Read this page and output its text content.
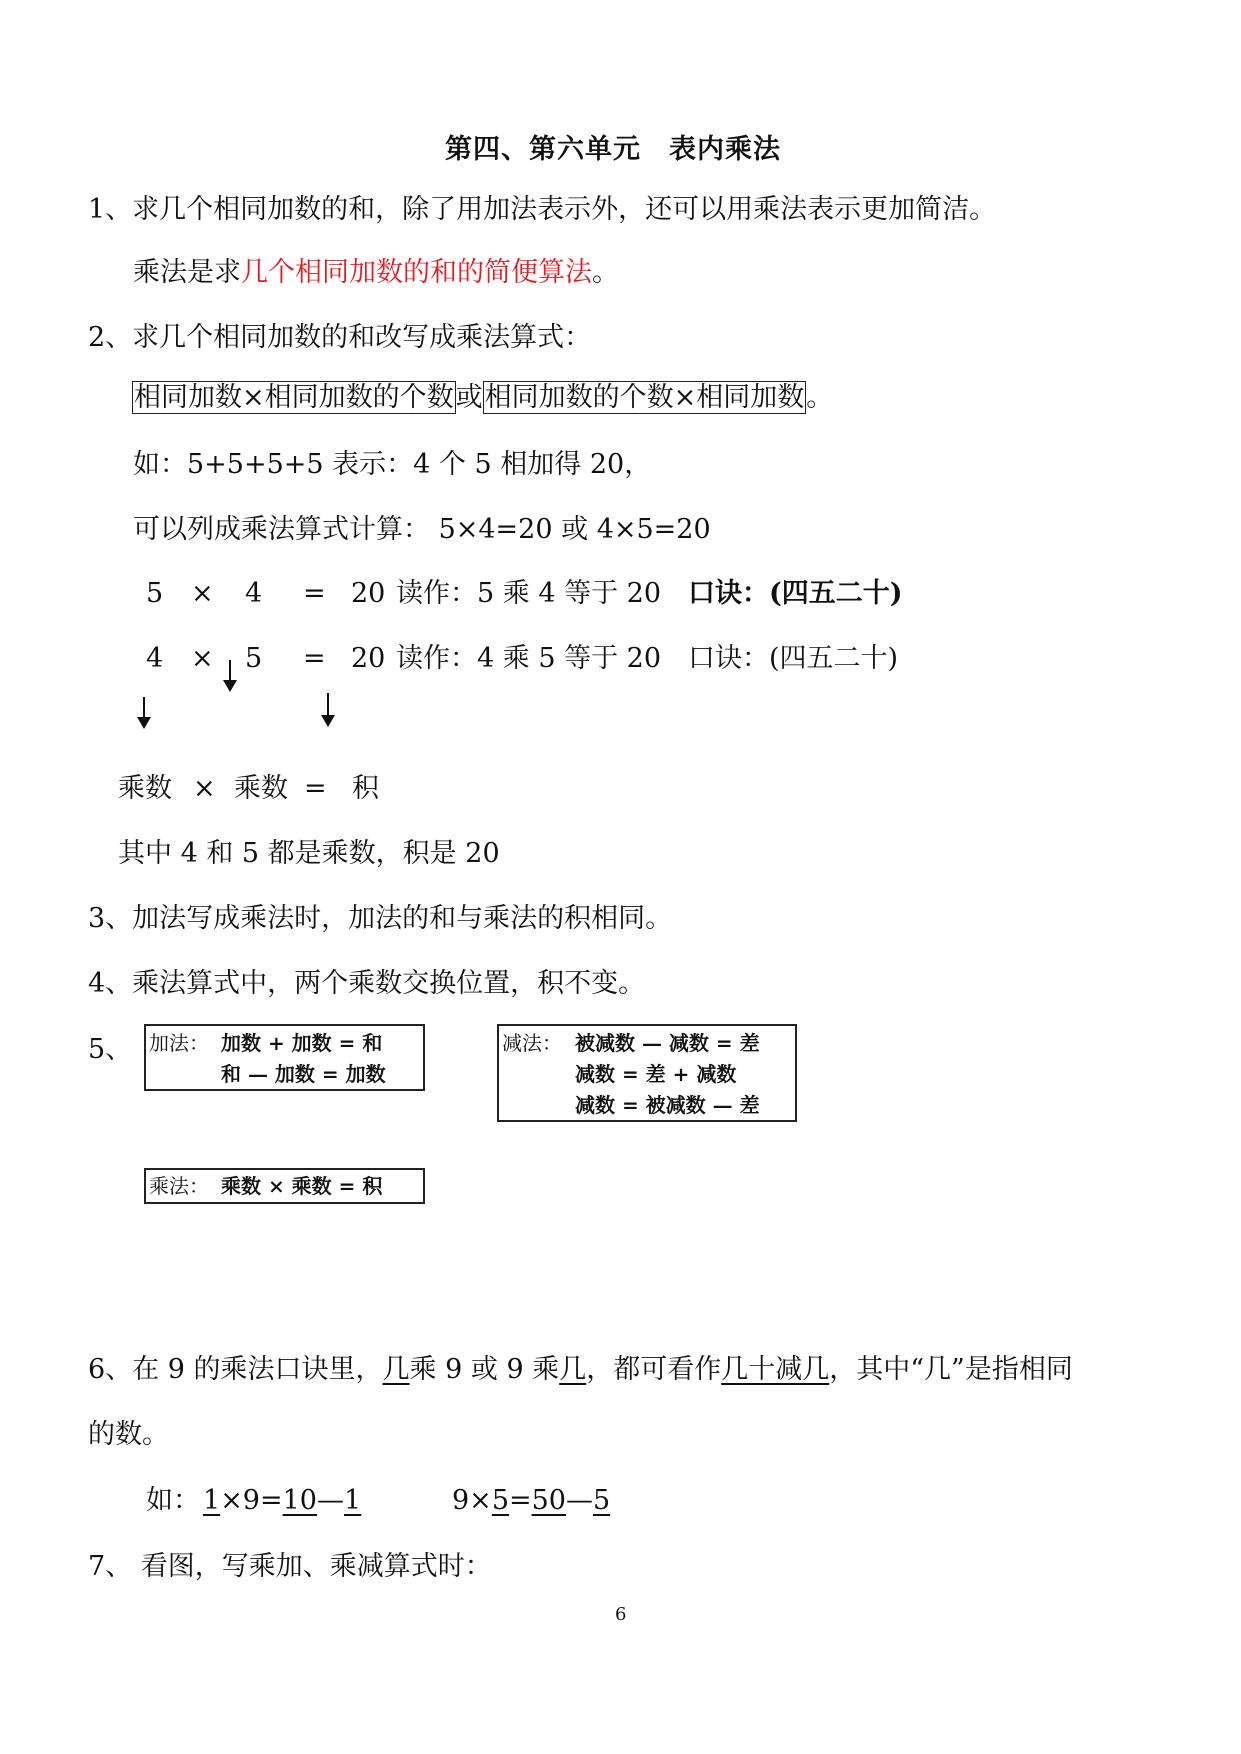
第四、第六单元　表内乘法
1、求几个相同加数的和，除了用加法表示外，还可以用乘法表示更加简洁。
乘法是求几个相同加数的和的简便算法。
2、求几个相同加数的和改写成乘法算式：
相同加数×相同加数的个数或相同加数的个数×相同加数。
如：5+5+5+5 表示：4 个 5 相加得 20，
可以列成乘法算式计算： 5×4=20 或 4×5=20
5 × 4 = 20 读作：5 乘 4 等于 20 口诀：(四五二十)
4 × 5 = 20 读作：4 乘 5 等于 20 口诀：(四五二十)
乘数 × 乘数 = 积
其中 4 和 5 都是乘数，积是 20
3、加法写成乘法时，加法的和与乘法的积相同。
4、乘法算式中，两个乘数交换位置，积不变。
5、 加法： 加数 + 加数 = 和
和 — 加数 = 加数
减法： 被减数 — 减数 = 差
减数 = 差 + 减数
减数 = 被减数 — 差
乘法： 乘数 × 乘数 = 积
6、在 9 的乘法口诀里，几乘 9 或 9 乘几，都可看作几十减几，其中“几”是指相同
的数。
如： 1×9=10—1	9×5=50—5
7、 看图，写乘加、乘减算式时：
6
